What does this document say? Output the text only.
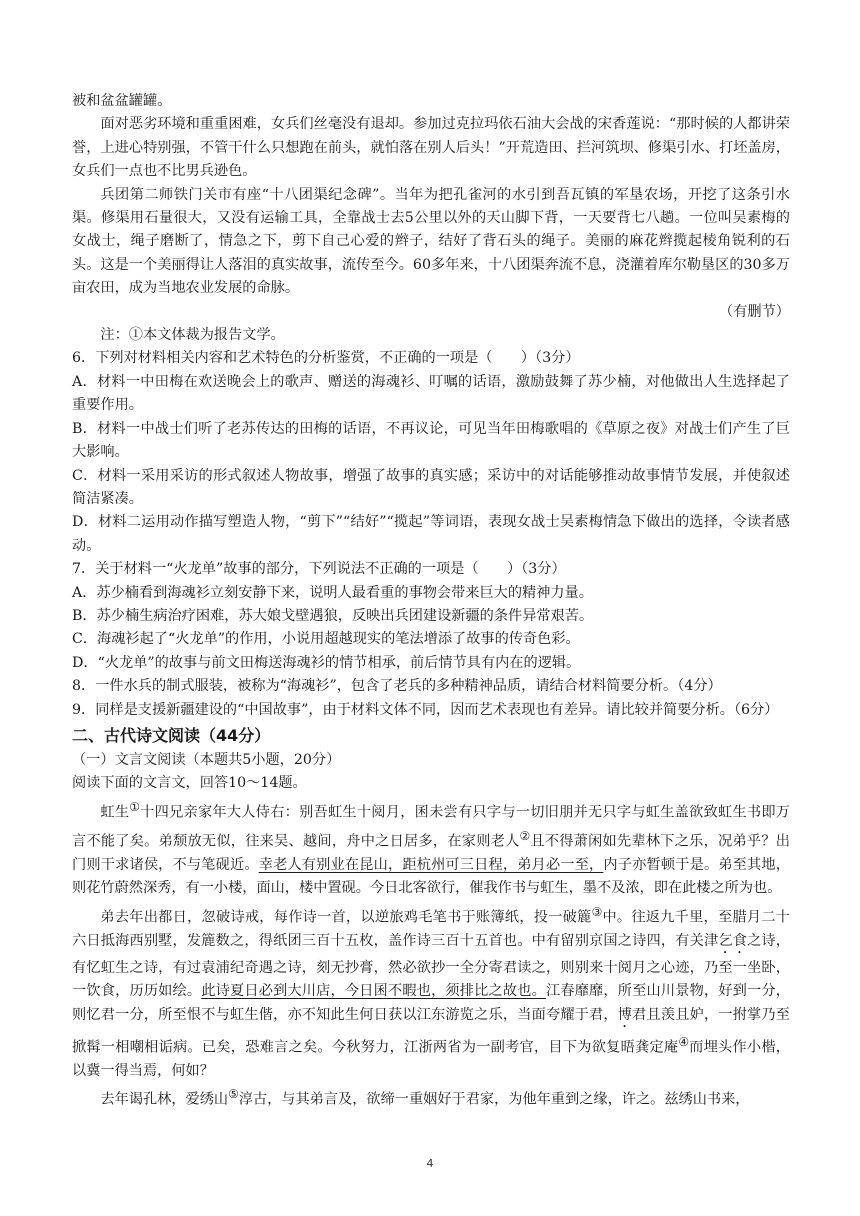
被和盆盆罐罐。

面对恶劣环境和重重困难，女兵们丝毫没有退却。参加过克拉玛依石油大会战的宋香莲说：“那时候的人都讲荣誉，上进心特别强，不管干什么只想跑在前头，就怕落在别人后头！”开荒造田、拦河筑坝、修渠引水、打坯盖房，女兵们一点也不比男兵逊色。

兵团第二师铁门关市有座“十八团渠纪念碑”。当年为把孔雀河的水引到吾瓦镇的军垦农场，开挖了这条引水渠。修渠用石量很大，又没有运输工具，全靠战士去5公里以外的天山脚下背，一天要背七八趟。一位叫吴素梅的女战士，绳子磨断了，情急之下，剪下自己心爱的辫子，结好了背石头的绳子。美丽的麻花辫揽起棱角锐利的石头。这是一个美丽得让人落泪的真实故事，流传至今。60多年来，十八团渠奔流不息，浇灌着库尔勒垦区的30多万亩农田，成为当地农业发展的命脉。

（有删节）

注：①本文体裁为报告文学。

6．下列对材料相关内容和艺术特色的分析鉴赏，不正确的一项是（　　）（3分）

A．材料一中田梅在欢送晚会上的歌声、赠送的海魂衫、叮嘱的话语，激励鼓舞了苏少楠，对他做出人生选择起了重要作用。

B．材料一中战士们听了老苏传达的田梅的话语，不再议论，可见当年田梅歌唱的《草原之夜》对战士们产生了巨大影响。

C．材料一采用采访的形式叙述人物故事，增强了故事的真实感；采访中的对话能够推动故事情节发展，并使叙述简洁紧凑。

D．材料二运用动作描写塑造人物，“剪下”“结好”“揽起”等词语，表现女战士吴素梅情急下做出的选择，令读者感动。

7．关于材料一“火龙单”故事的部分，下列说法不正确的一项是（　　）（3分）

A．苏少楠看到海魂衫立刻安静下来，说明人最看重的事物会带来巨大的精神力量。

B．苏少楠生病治疗困难，苏大娘戈壁遇狼，反映出兵团建设新疆的条件异常艰苦。

C．海魂衫起了“火龙单”的作用，小说用超越现实的笔法增添了故事的传奇色彩。

D．“火龙单”的故事与前文田梅送海魂衫的情节相承，前后情节具有内在的逻辑。

8．一件水兵的制式服装，被称为“海魂衫”，包含了老兵的多种精神品质，请结合材料简要分析。（4分）

9．同样是支援新疆建设的“中国故事”，由于材料文体不同，因而艺术表现也有差异。请比较并简要分析。（6分）

二、古代诗文阅读（44分）

（一）文言文阅读（本题共5小题，20分）

阅读下面的文言文，回答10～14题。

虹生①十四兄亲家年大人侍右：别吾虹生十阅月，囷未尝有只字与一切旧朋并无只字与虹生盖欲致虹生书即万言不能了矣。弟颓放无似，往来吴、越间，舟中之日居多，在家则老人②且不得萧闲如先辈林下之乐，况弟乎？出门则干求诸侯，不与笔砚近。幸老人有别业在昆山，距杭州可三日程，弟月必一至，内子亦暂顿于是。弟至其地，则花竹蔚然深秀，有一小楼，面山，楼中置砚。今日北客欲行，催我作书与虹生，墨不及浓，即在此楼之所为也。

弟去年出都日，忽破诗戒，每作诗一首，以逆旅鸡毛笔书于账簿纸，投一破簏③中。往返九千里，至腊月二十六日抵海西别墅，发簏数之，得纸团三百十五枚，盖作诗三百十五首也。中有留别京国之诗四，有关津乞食之诗，有忆虹生之诗，有过袁浦纪奇遇之诗，刻无抄膏，然必欲抄一全分寄君读之，则别来十阅月之心迹，乃至一坐卧，一饮食，历历如绘。此诗夏日必到大川店，今日囷不暇也，须排比之故也。江春靡靡，所至山川景物，好到一分，则忆君一分，所至恨不与虹生偕，亦不知此生何日获以江东游览之乐，当面夸耀于君，博君且羡且妒，一拊掌乃至掀髯一相嘲相诟病。已矣，恐难言之矣。今秋努力，江浙两省为一副考官，目下为欲复晤龚定庵④而埋头作小楷，以冀一得当焉，何如？

去年谒孔林，爱绣山⑤淳古，与其弟言及，欲缔一重姻好于君家，为他年重到之缘，许之。兹绣山书来，

4
